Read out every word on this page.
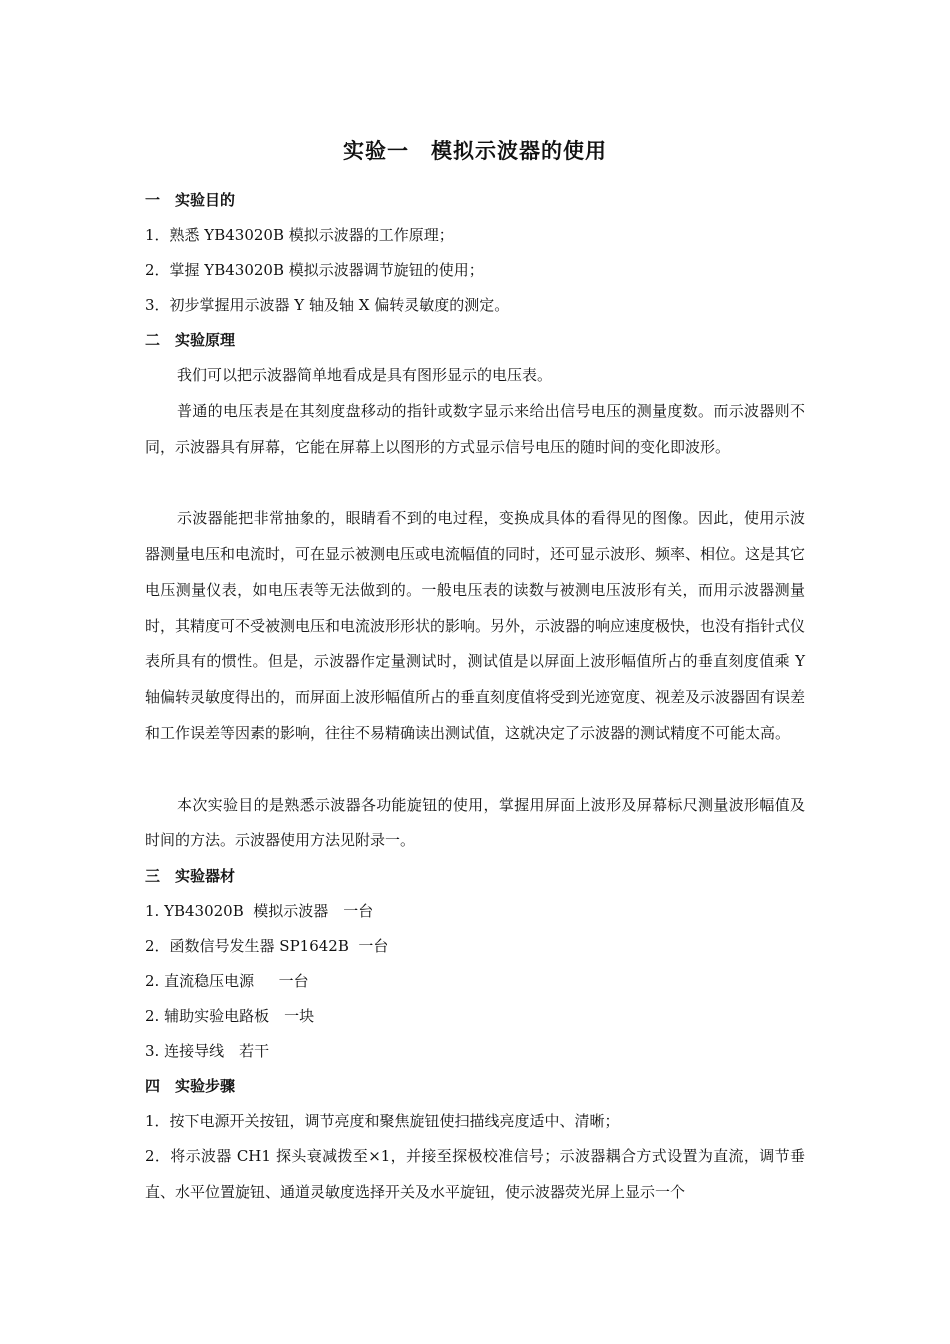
实验一　模拟示波器的使用
一　实验目的
1．熟悉 YB43020B 模拟示波器的工作原理；
2．掌握 YB43020B 模拟示波器调节旋钮的使用；
3．初步掌握用示波器 Y 轴及轴 X 偏转灵敏度的测定。
二　实验原理

我们可以把示波器简单地看成是具有图形显示的电压表。

普通的电压表是在其刻度盘移动的指针或数字显示来给出信号电压的测量度数。而示波器则不同，示波器具有屏幕，它能在屏幕上以图形的方式显示信号电压的随时间的变化即波形。

示波器能把非常抽象的，眼睛看不到的电过程，变换成具体的看得见的图像。因此，使用示波器测量电压和电流时，可在显示被测电压或电流幅值的同时，还可显示波形、频率、相位。这是其它电压测量仪表，如电压表等无法做到的。一般电压表的读数与被测电压波形有关，而用示波器测量时，其精度可不受被测电压和电流波形形状的影响。另外，示波器的响应速度极快，也没有指针式仪表所具有的惯性。但是，示波器作定量测试时，测试值是以屏面上波形幅值所占的垂直刻度值乘 Y 轴偏转灵敏度得出的，而屏面上波形幅值所占的垂直刻度值将受到光迹宽度、视差及示波器固有误差和工作误差等因素的影响，往往不易精确读出测试值，这就决定了示波器的测试精度不可能太高。

本次实验目的是熟悉示波器各功能旋钮的使用，掌握用屏面上波形及屏幕标尺测量波形幅值及时间的方法。示波器使用方法见附录一。

三　实验器材
1. YB43020B  模拟示波器　一台
2．函数信号发生器 SP1642B  一台
2. 直流稳压电源　  一台
2. 辅助实验电路板　一块
3. 连接导线　若干
四　实验步骤
1．按下电源开关按钮，调节亮度和聚焦旋钮使扫描线亮度适中、清晰；

2．将示波器 CH1 探头衰减拨至×1，并接至探极校准信号；示波器耦合方式设置为直流，调节垂直、水平位置旋钮、通道灵敏度选择开关及水平旋钮，使示波器荧光屏上显示一个
